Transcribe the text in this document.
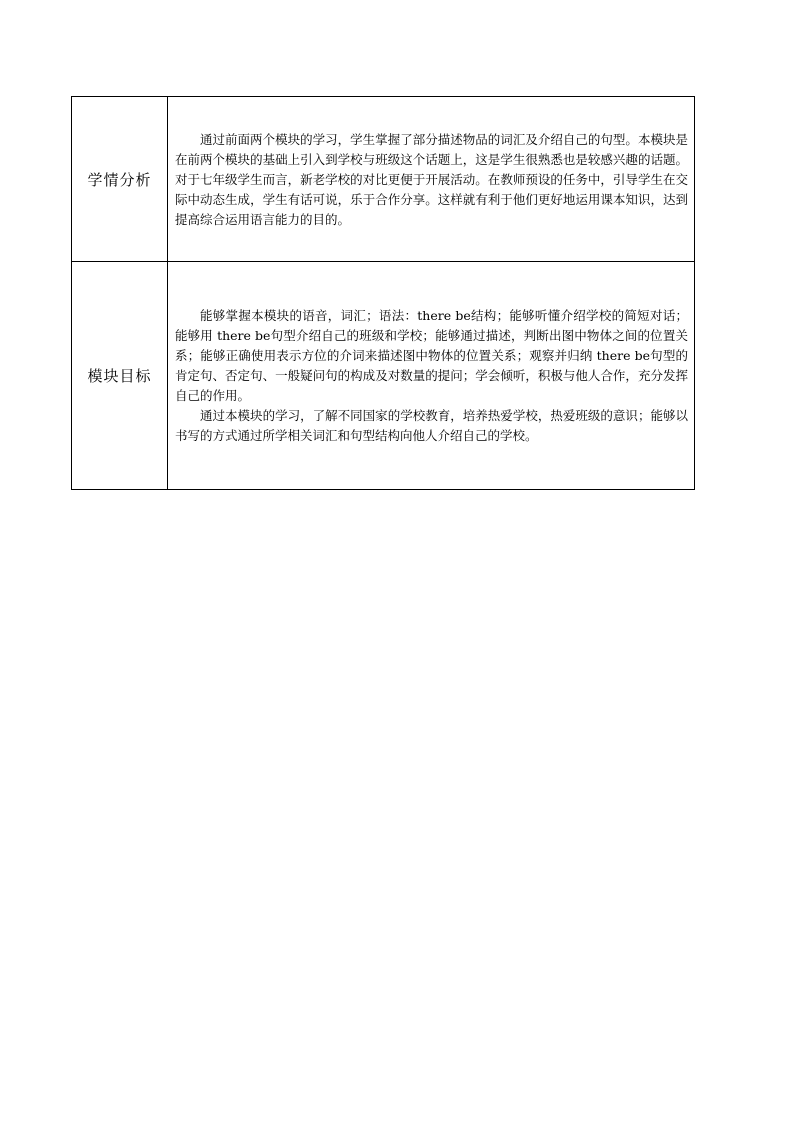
学情分析	通过前面两个模块的学习，学生掌握了部分描述物品的词汇及介绍自己的句型。本模块是在前两个模块的基础上引入到学校与班级这个话题上，这是学生很熟悉也是较感兴趣的话题。对于七年级学生而言，新老学校的对比更便于开展活动。在教师预设的任务中，引导学生在交际中动态生成，学生有话可说，乐于合作分享。这样就有利于他们更好地运用课本知识，达到提高综合运用语言能力的目的。

模块目标	能够掌握本模块的语音，词汇；语法：there be结构；能够听懂介绍学校的简短对话；能够用 there be句型介绍自己的班级和学校；能够通过描述，判断出图中物体之间的位置关系；能够正确使用表示方位的介词来描述图中物体的位置关系；观察并归纳 there be句型的肯定句、否定句、一般疑问句的构成及对数量的提问；学会倾听，积极与他人合作，充分发挥自己的作用。

通过本模块的学习，了解不同国家的学校教育，培养热爱学校，热爱班级的意识；能够以书写的方式通过所学相关词汇和句型结构向他人介绍自己的学校。
